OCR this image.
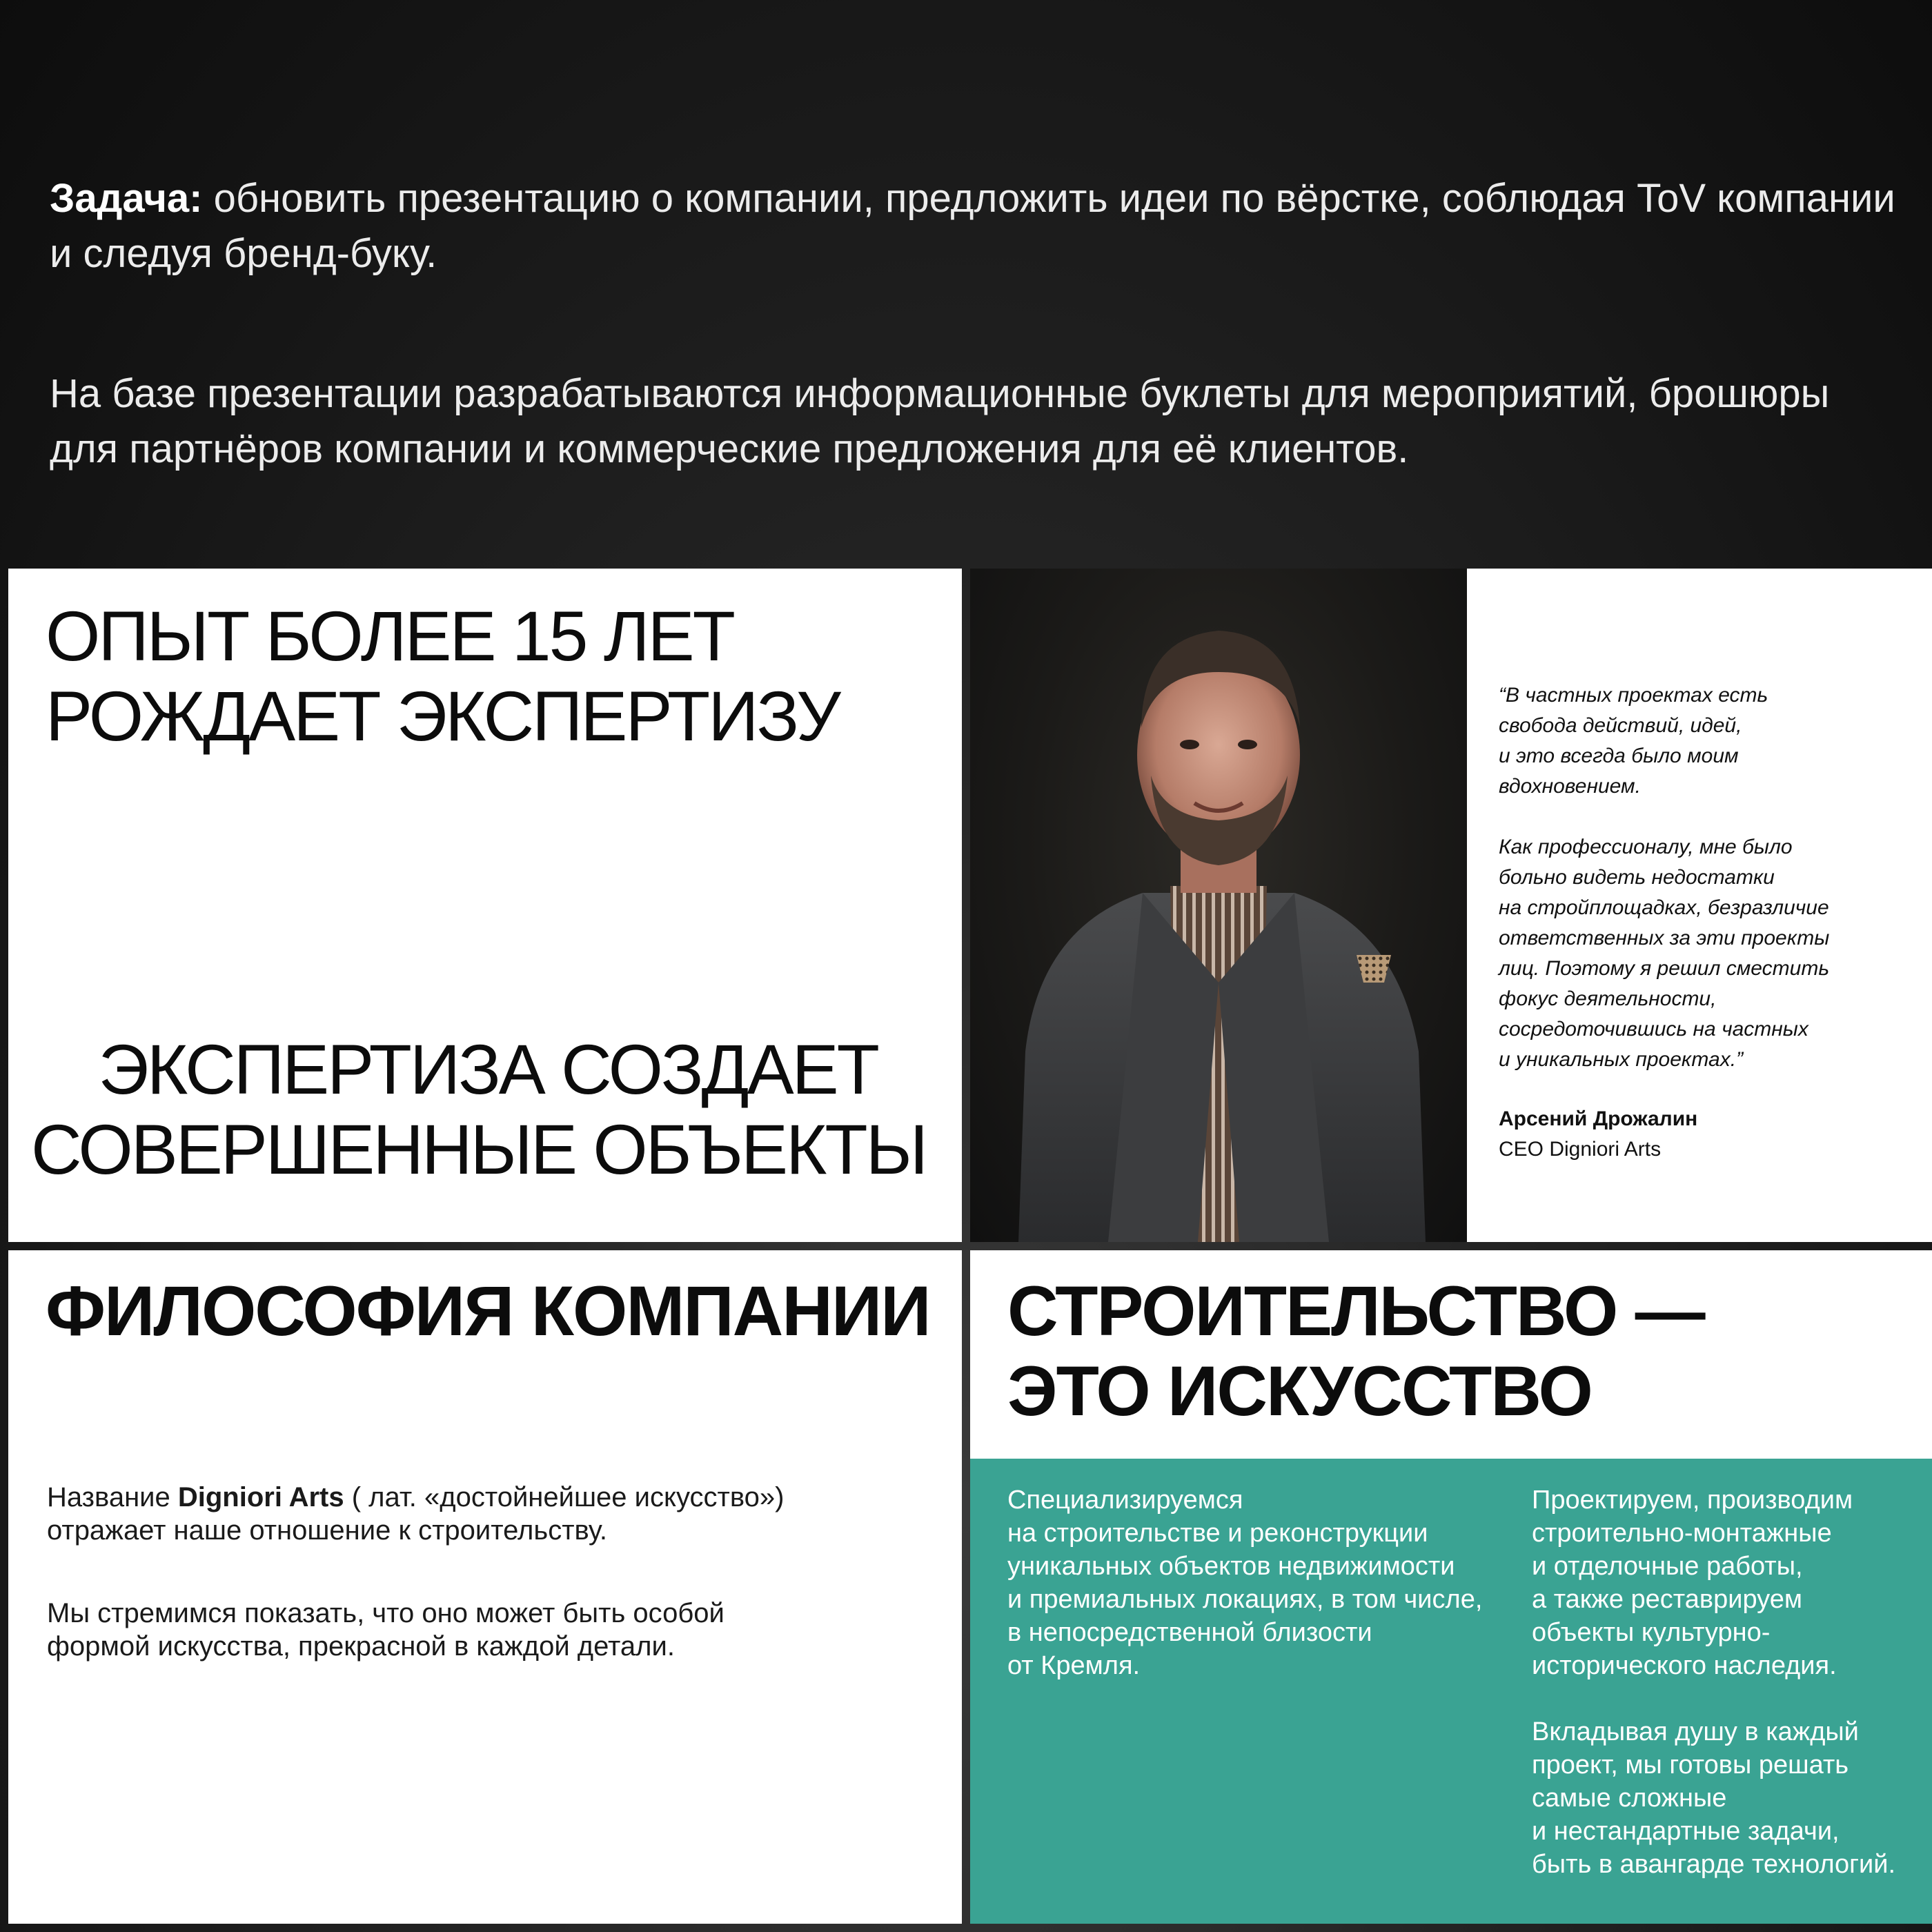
Задача: обновить презентацию о компании, предложить идеи по вёрстке, соблюдая ToV компании и следуя бренд-буку.
На базе презентации разрабатываются информационные буклеты для мероприятий, брошюры для партнёров компании и коммерческие предложения для её клиентов.
ОПЫТ БОЛЕЕ 15 ЛЕТ
РОЖДАЕТ ЭКСПЕРТИЗУ
ЭКСПЕРТИЗА СОЗДАЕТ
СОВЕРШЕННЫЕ ОБЪЕКТЫ

“В частных проектах есть
свобода действий, идей,
и это всегда было моим
вдохновением.

Как профессионалу, мне было
больно видеть недостатки
на стройплощадках, безразличие
ответственных за эти проекты
лиц. Поэтому я решил сместить
фокус деятельности,
сосредоточившись на частных
и уникальных проектах.”

Арсений Дрожалин
CEO Digniori Arts
ФИЛОСОФИЯ КОМПАНИИ
Название Digniori Arts ( лат. «достойнейшее искусство»)
отражает наше отношение к строительству.
Мы стремимся показать, что оно может быть особой
формой искусства, прекрасной в каждой детали.
СТРОИТЕЛЬСТВО —
ЭТО ИСКУССТВО
Специализируемся
на строительстве и реконструкции
уникальных объектов недвижимости
и премиальных локациях, в том числе,
в непосредственной близости
от Кремля.
Проектируем, производим
строительно-монтажные
и отделочные работы,
а также реставрируем
объекты культурно-
исторического наследия.
Вкладывая душу в каждый
проект, мы готовы решать
самые сложные
и нестандартные задачи,
быть в авангарде технологий.
